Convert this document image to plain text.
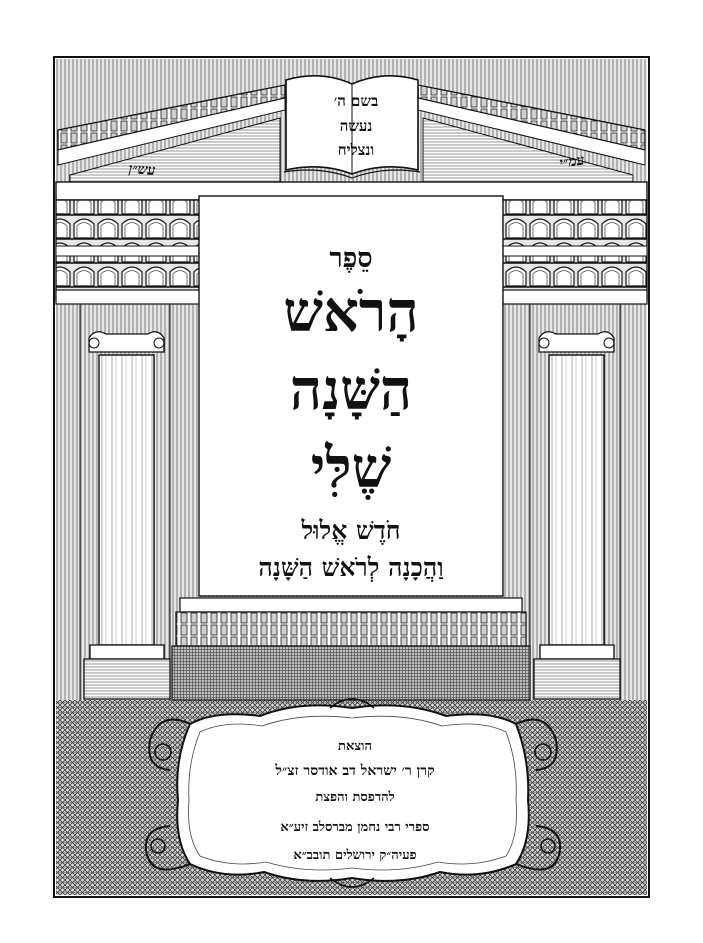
בשם ה׳
נעשה
ונצליח
עש״ן	עמ״י
סֵפֶר
הָרֹאשׁ
הַשָּׁנָה
שֶׁלִּי
חֹדֶשׁ אֱלוּל
וַהֲכָנָה לְרֹאשׁ הַשָּׁנָה
הוצאת
קרן ר׳ ישראל דב אודסר זצ״ל
להדפסת והפצת
ספרי רבי נחמן מברסלב זיע״א
פעיה״ק ירושלים תובב״א
